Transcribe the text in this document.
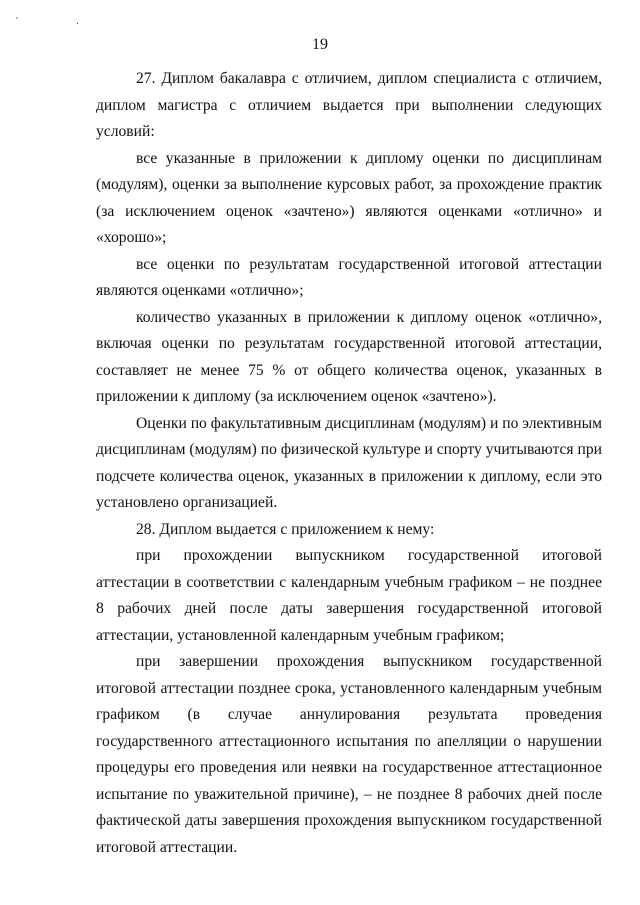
' .
19

27. Диплом бакалавра с отличием, диплом специалиста с отличием, диплом магистра с отличием выдается при выполнении следующих условий:

все указанные в приложении к диплому оценки по дисциплинам (модулям), оценки за выполнение курсовых работ, за прохождение практик (за исключением оценок «зачтено») являются оценками «отлично» и «хорошо»;

все оценки по результатам государственной итоговой аттестации являются оценками «отлично»;

количество указанных в приложении к диплому оценок «отлично», включая оценки по результатам государственной итоговой аттестации, составляет не менее 75 % от общего количества оценок, указанных в приложении к диплому (за исключением оценок «зачтено»).

Оценки по факультативным дисциплинам (модулям) и по элективным дисциплинам (модулям) по физической культуре и спорту учитываются при подсчете количества оценок, указанных в приложении к диплому, если это установлено организацией.

28. Диплом выдается с приложением к нему:

при прохождении выпускником государственной итоговой аттестации в соответствии с календарным учебным графиком – не позднее 8 рабочих дней после даты завершения государственной итоговой аттестации, установленной календарным учебным графиком;

при завершении прохождения выпускником государственной итоговой аттестации позднее срока, установленного календарным учебным графиком (в случае аннулирования результата проведения государственного аттестационного испытания по апелляции о нарушении процедуры его проведения или неявки на государственное аттестационное испытание по уважительной причине), – не позднее 8 рабочих дней после фактической даты завершения прохождения выпускником государственной итоговой аттестации.
